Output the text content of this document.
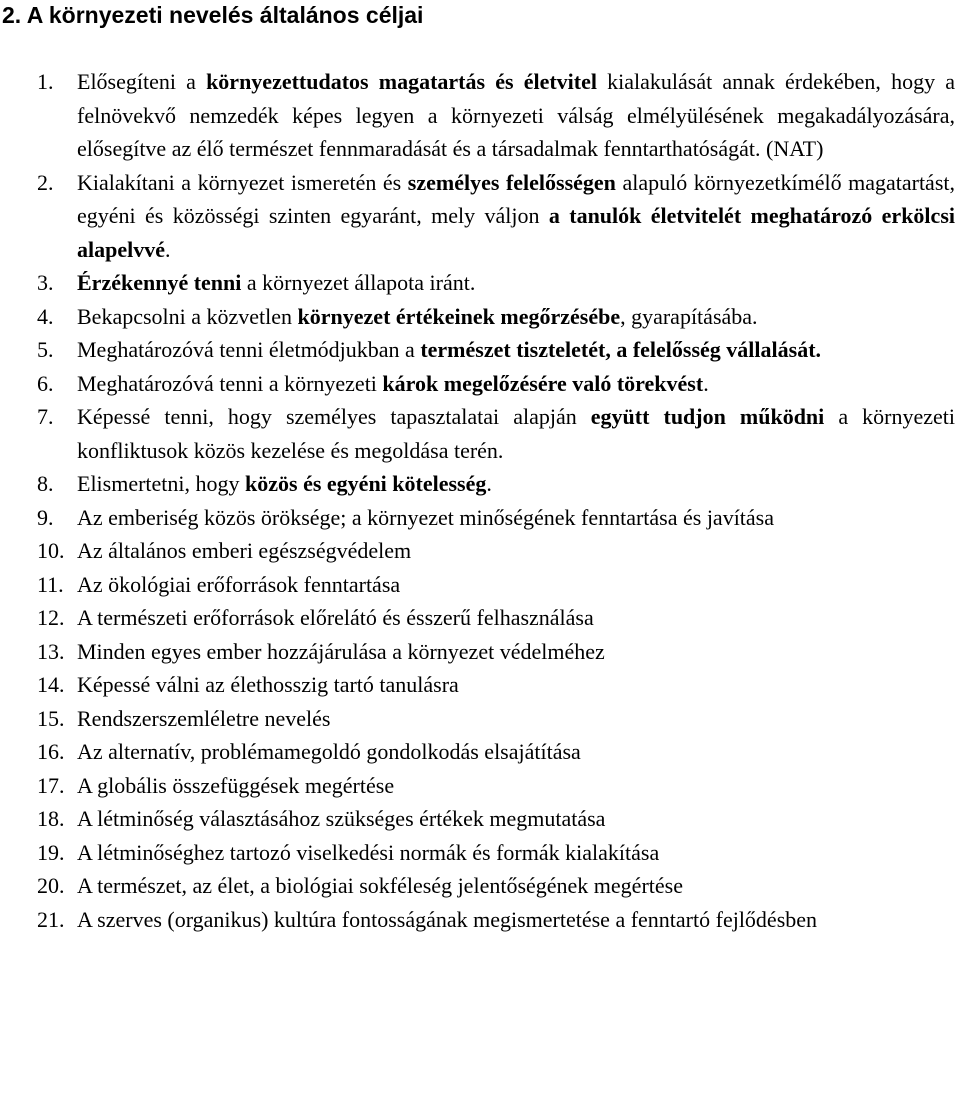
2. A környezeti nevelés általános céljai
1. Elősegíteni a környezettudatos magatartás és életvitel kialakulását annak érdekében, hogy a felnövekvő nemzedék képes legyen a környezeti válság elmélyülésének megakadályozására, elősegítve az élő természet fennmaradását és a társadalmak fenntarthatóságát. (NAT)
2. Kialakítani a környezet ismeretén és személyes felelősségen alapuló környezetkímélő magatartást, egyéni és közösségi szinten egyaránt, mely váljon a tanulók életvitelét meghatározó erkölcsi alapelvvé.
3. Érzékennyé tenni a környezet állapota iránt.
4. Bekapcsolni a közvetlen környezet értékeinek megőrzésébe, gyarapításába.
5. Meghatározóvá tenni életmódjukban a természet tiszteletét, a felelősség vállalását.
6. Meghatározóvá tenni a környezeti károk megelőzésére való törekvést.
7. Képessé tenni, hogy személyes tapasztalatai alapján együtt tudjon működni a környezeti konfliktusok közös kezelése és megoldása terén.
8. Elismertetni, hogy közös és egyéni kötelesség.
9. Az emberiség közös öröksége; a környezet minőségének fenntartása és javítása
10. Az általános emberi egészségvédelem
11. Az ökológiai erőforrások fenntartása
12. A természeti erőforrások előrelátó és ésszerű felhasználása
13. Minden egyes ember hozzájárulása a környezet védelméhez
14. Képessé válni az élethosszig tartó tanulásra
15. Rendszerszemléletre nevelés
16. Az alternatív, problémamegoldó gondolkodás elsajátítása
17. A globális összefüggések megértése
18. A létminőség választásához szükséges értékek megmutatása
19. A létminőséghez tartozó viselkedési normák és formák kialakítása
20. A természet, az élet, a biológiai sokféleség jelentőségének megértése
21. A szerves (organikus) kultúra fontosságának megismertetése a fenntartó fejlődésben
